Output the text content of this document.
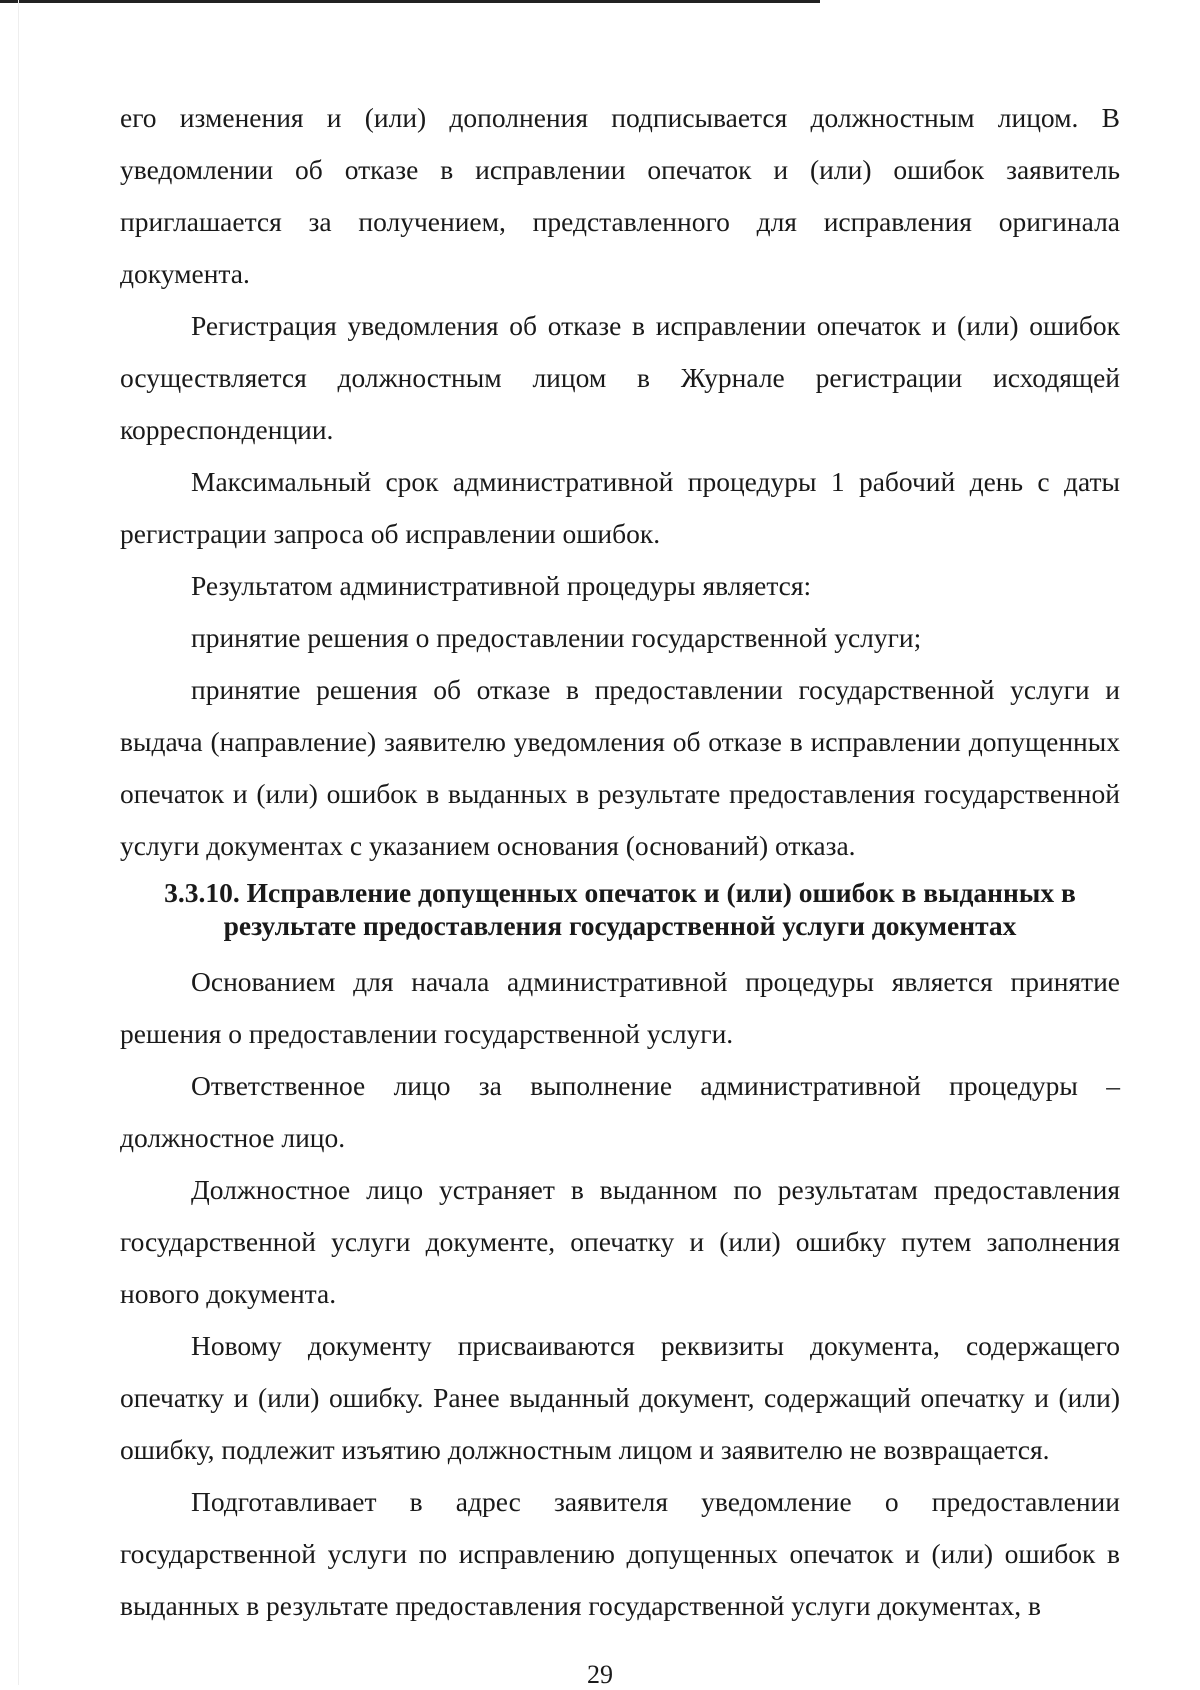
его изменения и (или) дополнения подписывается должностным лицом. В уведомлении об отказе в исправлении опечаток и (или) ошибок заявитель приглашается за получением, представленного для исправления оригинала документа.

Регистрация уведомления об отказе в исправлении опечаток и (или) ошибок осуществляется должностным лицом в Журнале регистрации исходящей корреспонденции.

Максимальный срок административной процедуры 1 рабочий день с даты регистрации запроса об исправлении ошибок.

Результатом административной процедуры является:

принятие решения о предоставлении государственной услуги;

принятие решения об отказе в предоставлении государственной услуги и выдача (направление) заявителю уведомления об отказе в исправлении допущенных опечаток и (или) ошибок в выданных в результате предоставления государственной услуги документах с указанием основания (оснований) отказа.

3.3.10. Исправление допущенных опечаток и (или) ошибок в выданных в
результате предоставления государственной услуги документах

Основанием для начала административной процедуры является принятие решения о предоставлении государственной услуги.

Ответственное лицо за выполнение административной процедуры – должностное лицо.

Должностное лицо устраняет в выданном по результатам предоставления государственной услуги документе, опечатку и (или) ошибку путем заполнения нового документа.

Новому документу присваиваются реквизиты документа, содержащего опечатку и (или) ошибку. Ранее выданный документ, содержащий опечатку и (или) ошибку, подлежит изъятию должностным лицом и заявителю не возвращается.

Подготавливает в адрес заявителя уведомление о предоставлении государственной услуги по исправлению допущенных опечаток и (или) ошибок в выданных в результате предоставления государственной услуги документах, в

29
